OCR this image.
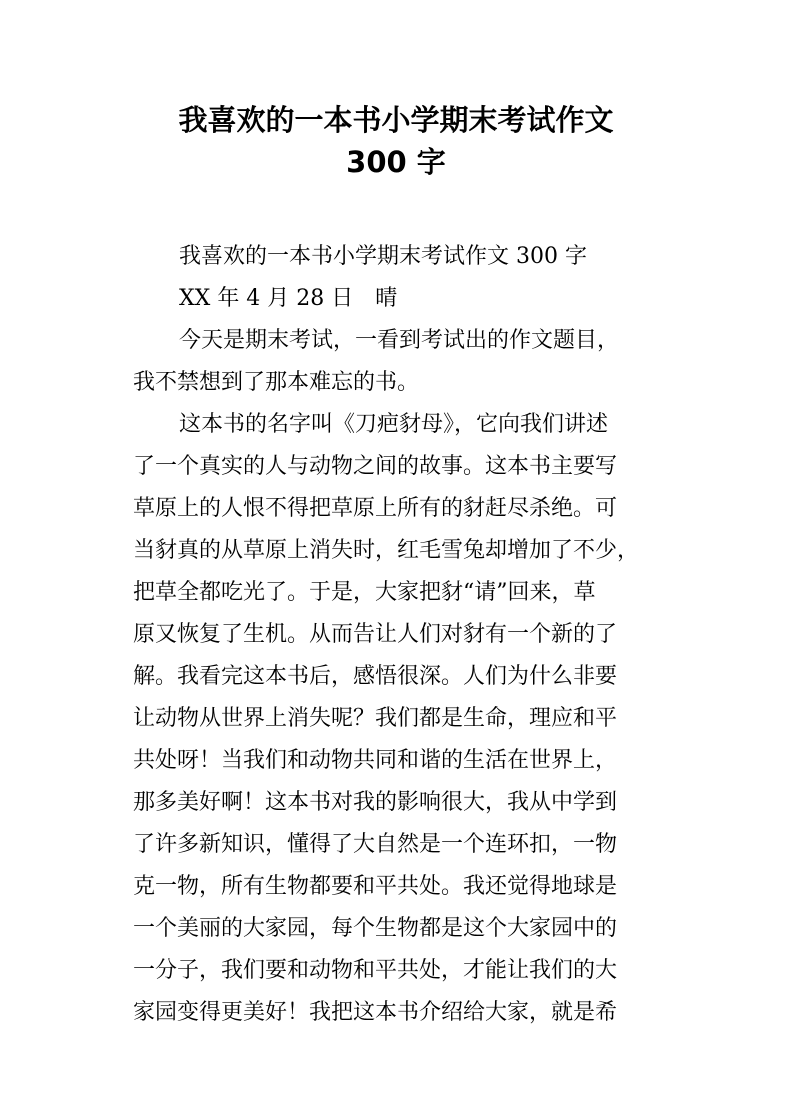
我喜欢的一本书小学期末考试作文
300 字

我喜欢的一本书小学期末考试作文 300 字

XX 年 4 月 28 日　晴

今天是期末考试，一看到考试出的作文题目，

我不禁想到了那本难忘的书。

这本书的名字叫《刀疤豺母》，它向我们讲述

了一个真实的人与动物之间的故事。这本书主要写

草原上的人恨不得把草原上所有的豺赶尽杀绝。可

当豺真的从草原上消失时，红毛雪兔却增加了不少，

把草全都吃光了。于是，大家把豺“请”回来，草

原又恢复了生机。从而告让人们对豺有一个新的了

解。我看完这本书后，感悟很深。人们为什么非要

让动物从世界上消失呢？我们都是生命，理应和平

共处呀！当我们和动物共同和谐的生活在世界上，

那多美好啊！这本书对我的影响很大，我从中学到

了许多新知识，懂得了大自然是一个连环扣，一物

克一物，所有生物都要和平共处。我还觉得地球是

一个美丽的大家园，每个生物都是这个大家园中的

一分子，我们要和动物和平共处，才能让我们的大

家园变得更美好！我把这本书介绍给大家，就是希
